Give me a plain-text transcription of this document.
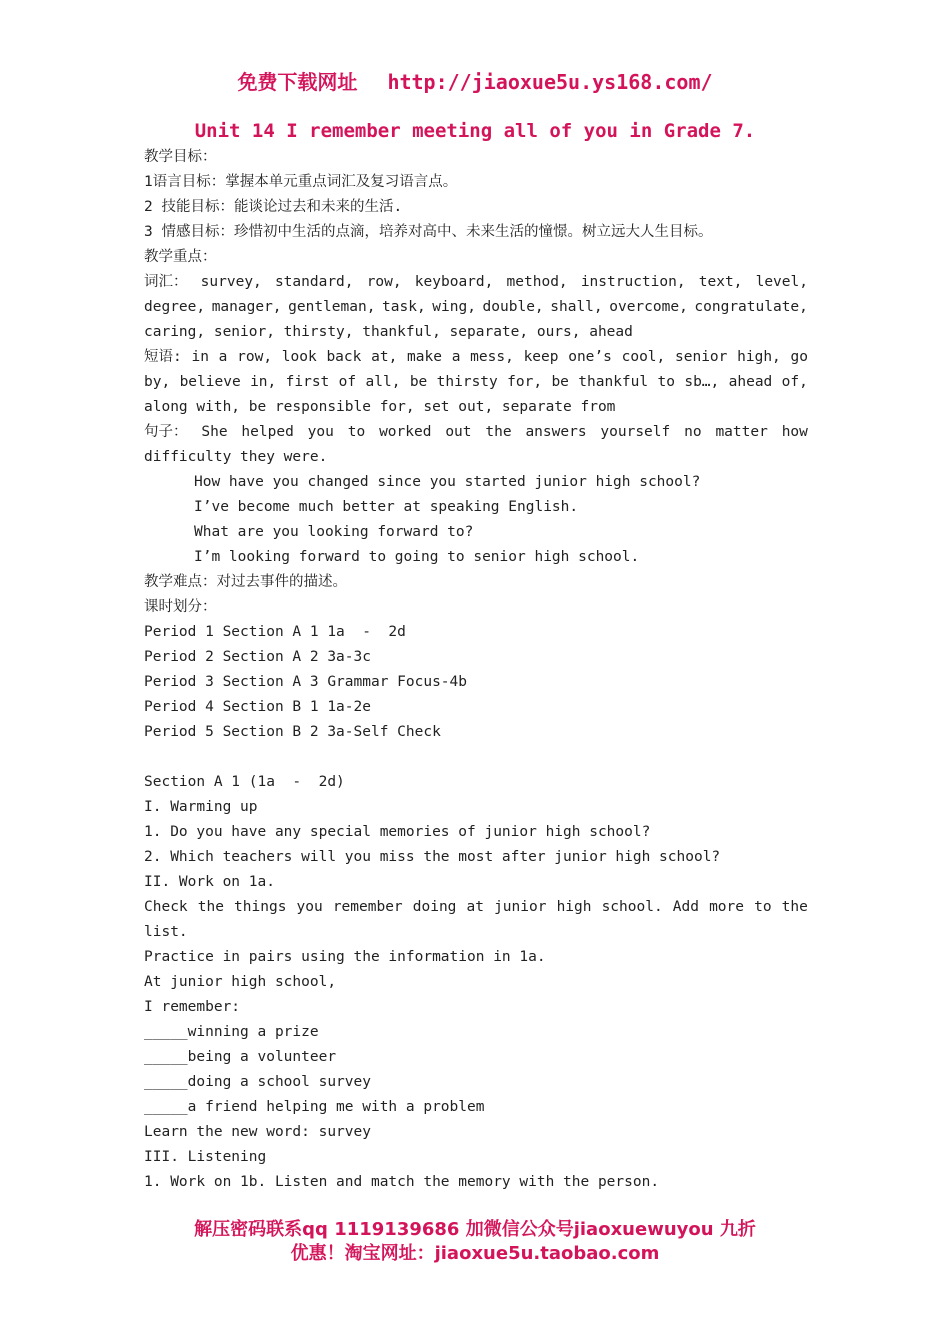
免费下载网址 http://jiaoxue5u.ys168.com/
Unit 14 I remember meeting all of you in Grade 7.
教学目标：
1语言目标：掌握本单元重点词汇及复习语言点。
2 技能目标：能谈论过去和未来的生活.
3 情感目标：珍惜初中生活的点滴，培养对高中、未来生活的憧憬。树立远大人生目标。
教学重点：
词汇： survey, standard, row, keyboard, method, instruction, text, level,
degree, manager, gentleman, task, wing, double, shall, overcome, congratulate,
caring, senior, thirsty, thankful, separate, ours, ahead
短语: in a row, look back at, make a mess, keep one’s cool, senior high, go
by, believe in, first of all, be thirsty for, be thankful to sb…, ahead of,
along with, be responsible for, set out, separate from
句子： She helped you to worked out the answers yourself no matter how
difficulty they were.
How have you changed since you started junior high school?
I’ve become much better at speaking English.
What are you looking forward to?
I’m looking forward to going to senior high school.
教学难点：对过去事件的描述。
课时划分：
Period 1 Section A 1 1a  -  2d
Period 2 Section A 2 3a-3c
Period 3 Section A 3 Grammar Focus-4b
Period 4 Section B 1 1a-2e
Period 5 Section B 2 3a-Self Check
Section A 1 (1a  -  2d)
I. Warming up
1. Do you have any special memories of junior high school?
2. Which teachers will you miss the most after junior high school?
II. Work on 1a.
Check the things you remember doing at junior high school. Add more to the
list.
Practice in pairs using the information in 1a.
At junior high school,
I remember:
_____winning a prize
_____being a volunteer
_____doing a school survey
_____a friend helping me with a problem
Learn the new word: survey
III. Listening
1. Work on 1b. Listen and match the memory with the person.
解压密码联系qq 1119139686 加微信公众号jiaoxuewuyou 九折
优惠！淘宝网址：jiaoxue5u.taobao.com
